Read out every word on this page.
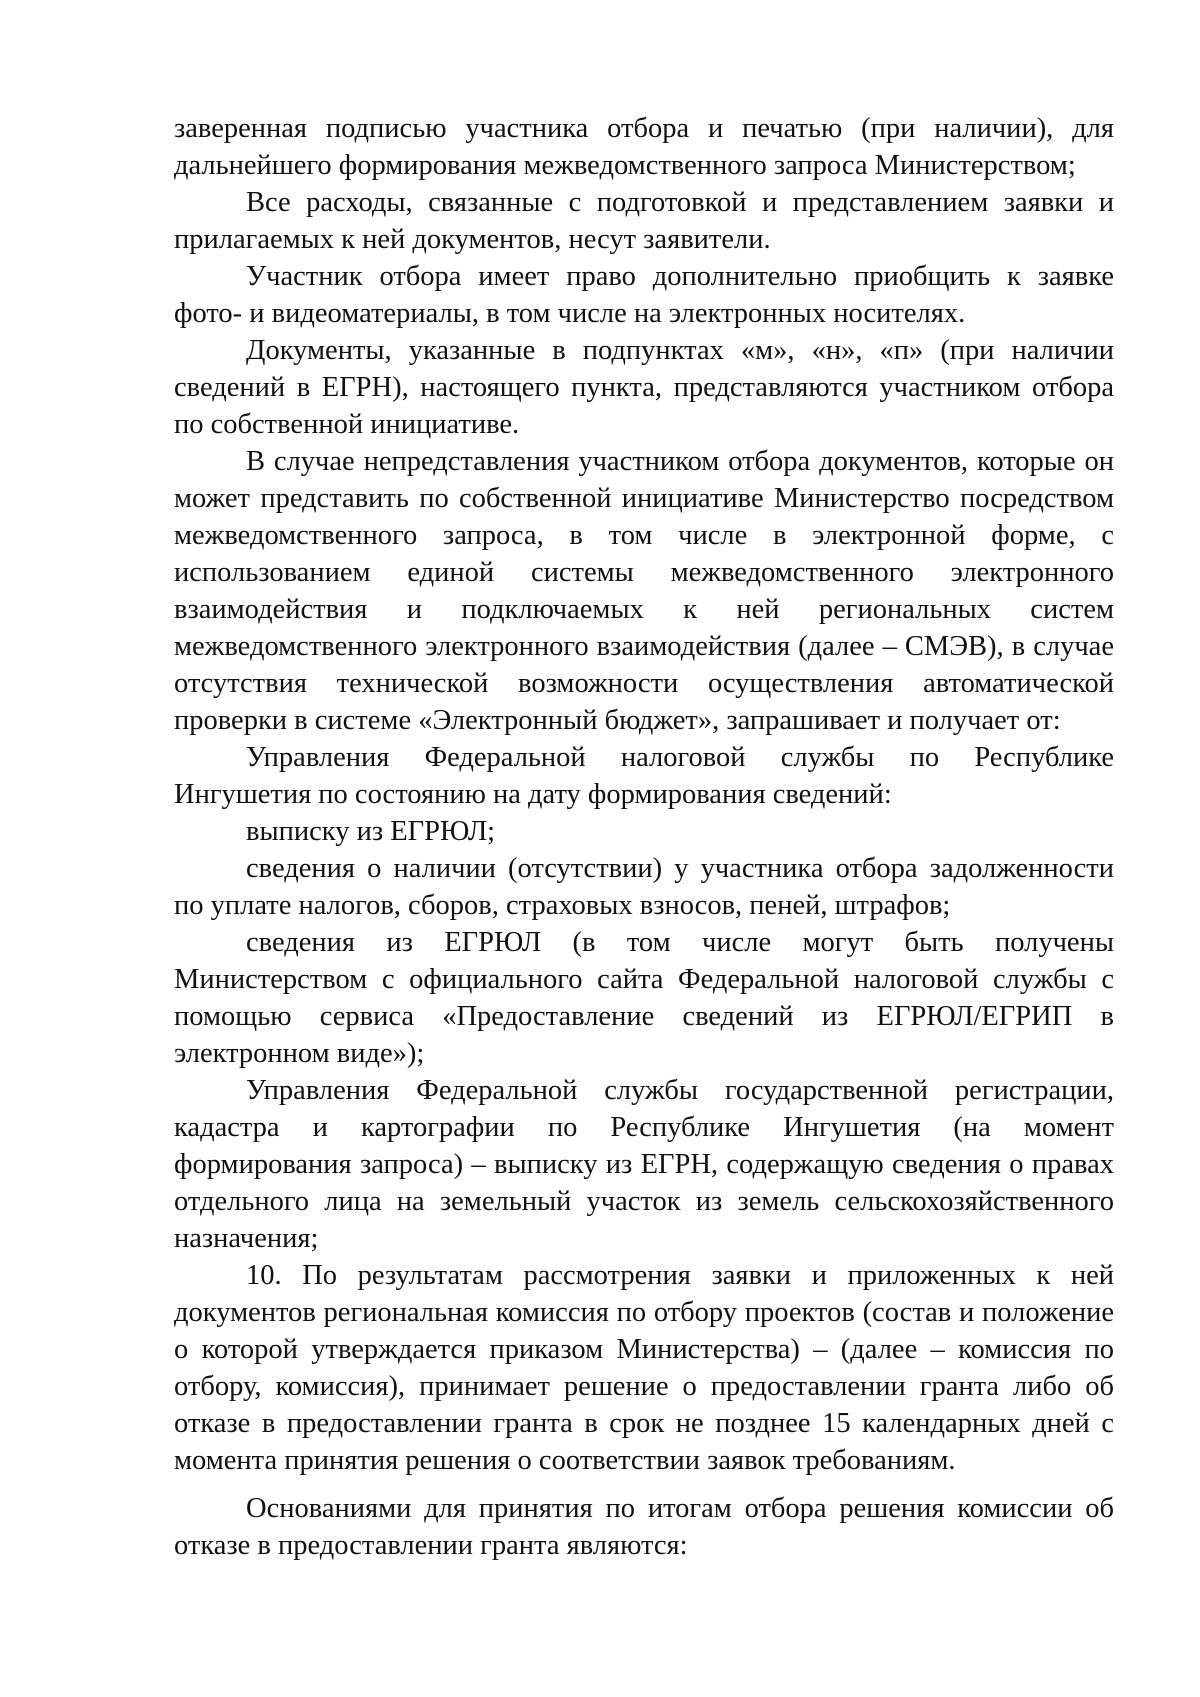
заверенная подписью участника отбора и печатью (при наличии), для дальнейшего формирования межведомственного запроса Министерством;

Все расходы, связанные с подготовкой и представлением заявки и прилагаемых к ней документов, несут заявители.

Участник отбора имеет право дополнительно приобщить к заявке фото- и видеоматериалы, в том числе на электронных носителях.

Документы, указанные в подпунктах «м», «н», «п» (при наличии сведений в ЕГРН), настоящего пункта, представляются участником отбора по собственной инициативе.

В случае непредставления участником отбора документов, которые он может представить по собственной инициативе Министерство посредством межведомственного запроса, в том числе в электронной форме, с использованием единой системы межведомственного электронного взаимодействия и подключаемых к ней региональных систем межведомственного электронного взаимодействия (далее – СМЭВ), в случае отсутствия технической возможности осуществления автоматической проверки в системе «Электронный бюджет», запрашивает и получает от:

Управления Федеральной налоговой службы по Республике Ингушетия по состоянию на дату формирования сведений:

выписку из ЕГРЮЛ;

сведения о наличии (отсутствии) у участника отбора задолженности по уплате налогов, сборов, страховых взносов, пеней, штрафов;

сведения из ЕГРЮЛ (в том числе могут быть получены Министерством с официального сайта Федеральной налоговой службы с помощью сервиса «Предоставление сведений из ЕГРЮЛ/ЕГРИП в электронном виде»);

Управления Федеральной службы государственной регистрации, кадастра и картографии по Республике Ингушетия (на момент формирования запроса) – выписку из ЕГРН, содержащую сведения о правах отдельного лица на земельный участок из земель сельскохозяйственного назначения;

10. По результатам рассмотрения заявки и приложенных к ней документов региональная комиссия по отбору проектов (состав и положение о которой утверждается приказом Министерства) – (далее – комиссия по отбору, комиссия), принимает решение о предоставлении гранта либо об отказе в предоставлении гранта в срок не позднее 15 календарных дней с момента принятия решения о соответствии заявок требованиям.

Основаниями для принятия по итогам отбора решения комиссии об отказе в предоставлении гранта являются:
